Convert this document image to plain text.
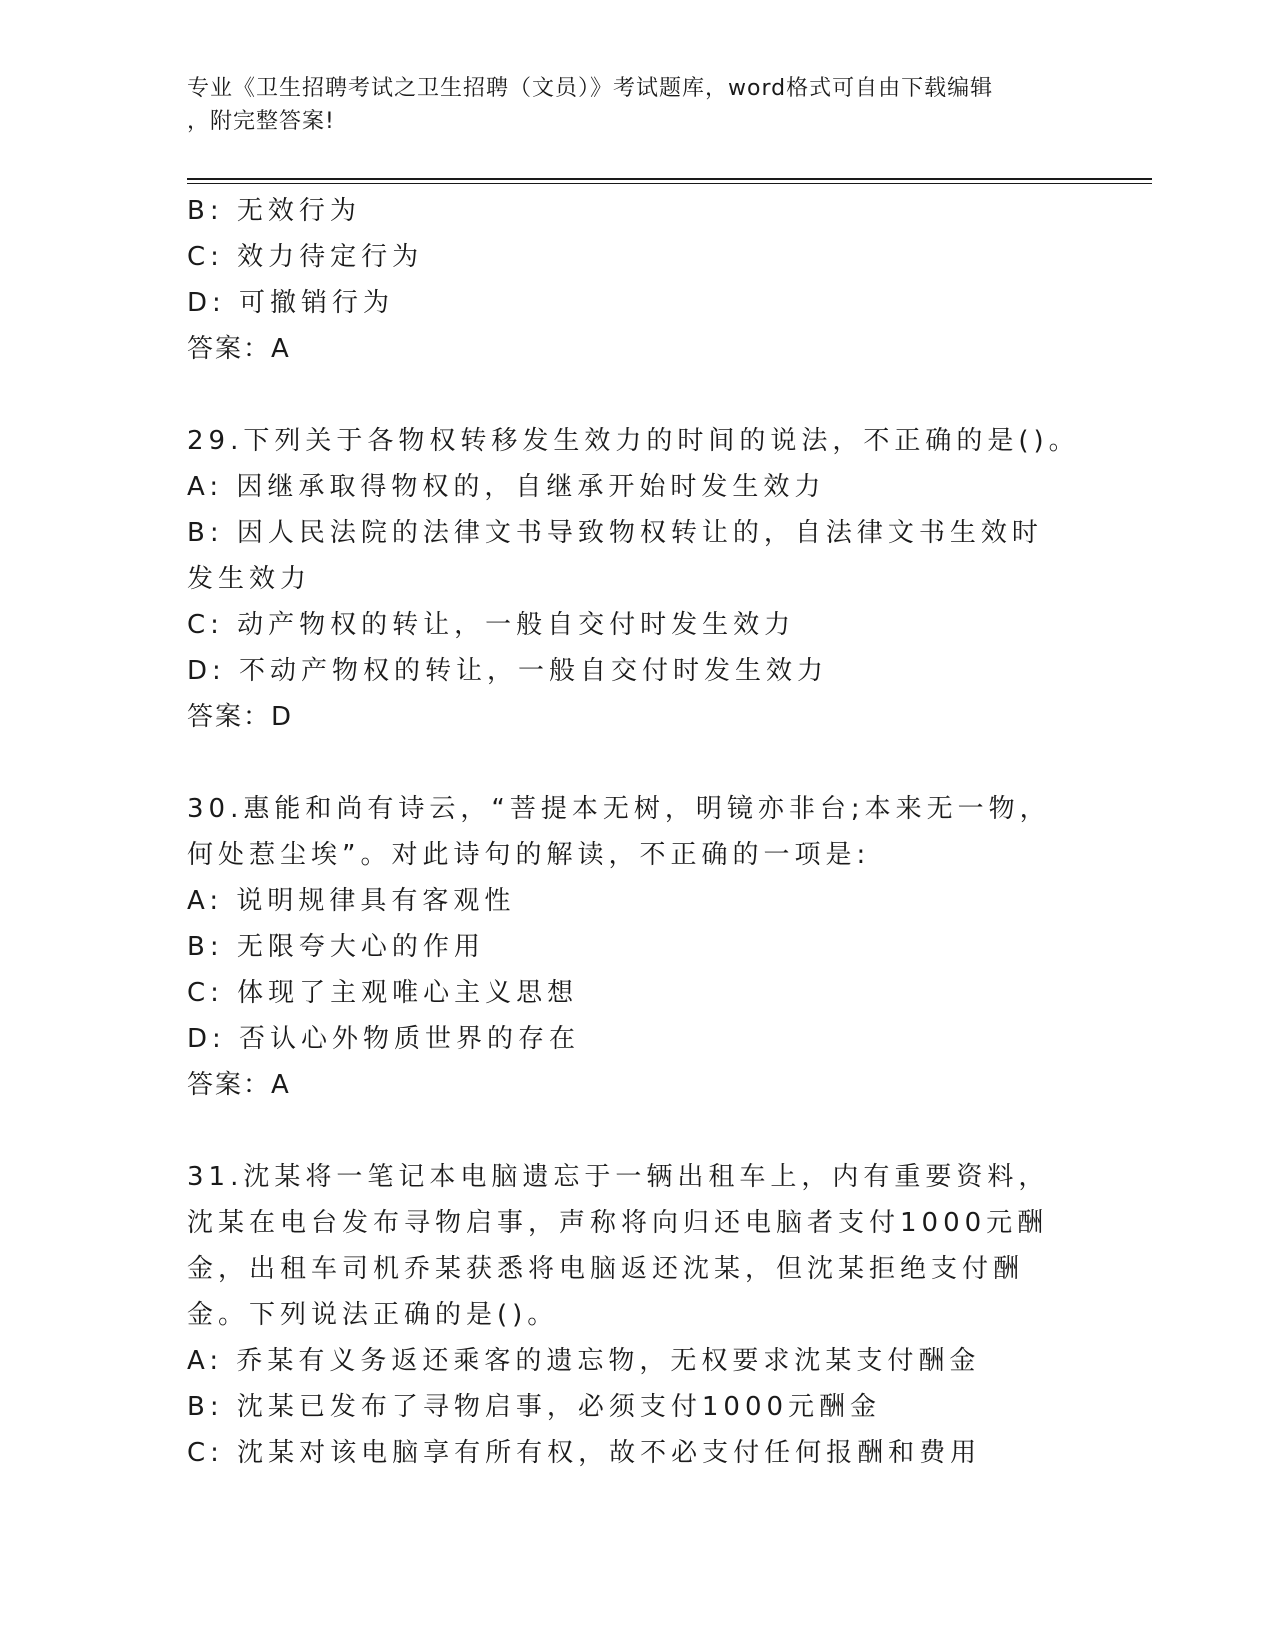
专业《卫生招聘考试之卫生招聘（文员）》考试题库，word格式可自由下载编辑
，附完整答案!
B: 无效行为
C: 效力待定行为
D: 可撤销行为
答案：A
29.下列关于各物权转移发生效力的时间的说法，不正确的是()。
A: 因继承取得物权的，自继承开始时发生效力
B: 因人民法院的法律文书导致物权转让的，自法律文书生效时发生效力
C: 动产物权的转让，一般自交付时发生效力
D: 不动产物权的转让，一般自交付时发生效力
答案：D
30.惠能和尚有诗云，“菩提本无树，明镜亦非台;本来无一物，何处惹尘埃”。对此诗句的解读，不正确的一项是:
A: 说明规律具有客观性
B: 无限夸大心的作用
C: 体现了主观唯心主义思想
D: 否认心外物质世界的存在
答案：A
31.沈某将一笔记本电脑遗忘于一辆出租车上，内有重要资料，沈某在电台发布寻物启事，声称将向归还电脑者支付1000元酬金，出租车司机乔某获悉将电脑返还沈某，但沈某拒绝支付酬金。下列说法正确的是()。
A: 乔某有义务返还乘客的遗忘物，无权要求沈某支付酬金
B: 沈某已发布了寻物启事，必须支付1000元酬金
C: 沈某对该电脑享有所有权，故不必支付任何报酬和费用
